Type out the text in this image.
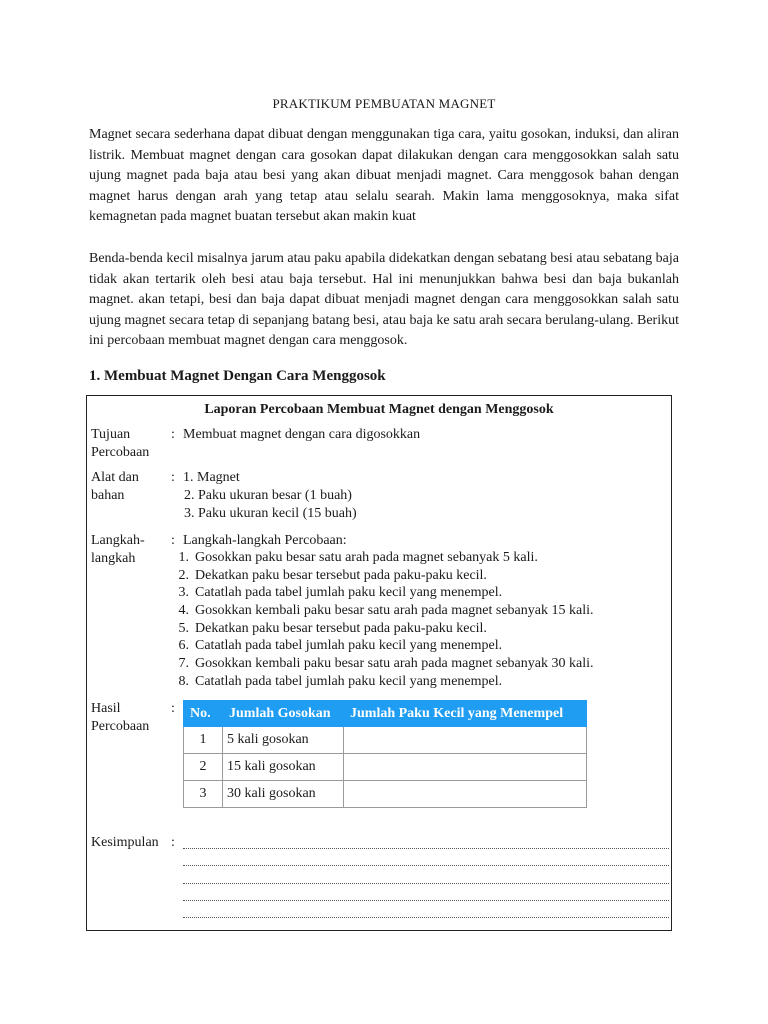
PRAKTIKUM PEMBUATAN MAGNET

Magnet secara sederhana dapat dibuat dengan menggunakan tiga cara, yaitu gosokan, induksi, dan aliran listrik. Membuat magnet dengan cara gosokan dapat dilakukan dengan cara menggosokkan salah satu ujung magnet pada baja atau besi yang akan dibuat menjadi magnet. Cara menggosok bahan dengan magnet harus dengan arah yang tetap atau selalu searah. Makin lama menggosoknya, maka sifat kemagnetan pada magnet buatan tersebut akan makin kuat

Benda-benda kecil misalnya jarum atau paku apabila didekatkan dengan sebatang besi atau sebatang baja tidak akan tertarik oleh besi atau baja tersebut. Hal ini menunjukkan bahwa besi dan baja bukanlah magnet. akan tetapi, besi dan baja dapat dibuat menjadi magnet dengan cara menggosokkan salah satu ujung magnet secara tetap di sepanjang batang besi, atau baja ke satu arah secara berulang-ulang. Berikut ini percobaan membuat magnet dengan cara menggosok.

1. Membuat Magnet Dengan Cara Menggosok
Laporan Percobaan Membuat Magnet dengan Menggosok
Tujuan
Percobaan
: Membuat magnet dengan cara digosokkan
Alat dan
bahan
: 1. Magnet
2. Paku ukuran besar (1 buah)
3. Paku ukuran kecil (15 buah)
Langkah-
langkah
: Langkah-langkah Percobaan:
1. Gosokkan paku besar satu arah pada magnet sebanyak 5 kali.
2. Dekatkan paku besar tersebut pada paku-paku kecil.
3. Catatlah pada tabel jumlah paku kecil yang menempel.
4. Gosokkan kembali paku besar satu arah pada magnet sebanyak 15 kali.
5. Dekatkan paku besar tersebut pada paku-paku kecil.
6. Catatlah pada tabel jumlah paku kecil yang menempel.
7. Gosokkan kembali paku besar satu arah pada magnet sebanyak 30 kali.
8. Catatlah pada tabel jumlah paku kecil yang menempel.
Hasil
Percobaan
: No.	Jumlah Gosokan	Jumlah Paku Kecil yang Menempel
1	5 kali gosokan	
2	15 kali gosokan	
3	30 kali gosokan	
Kesimpulan :
